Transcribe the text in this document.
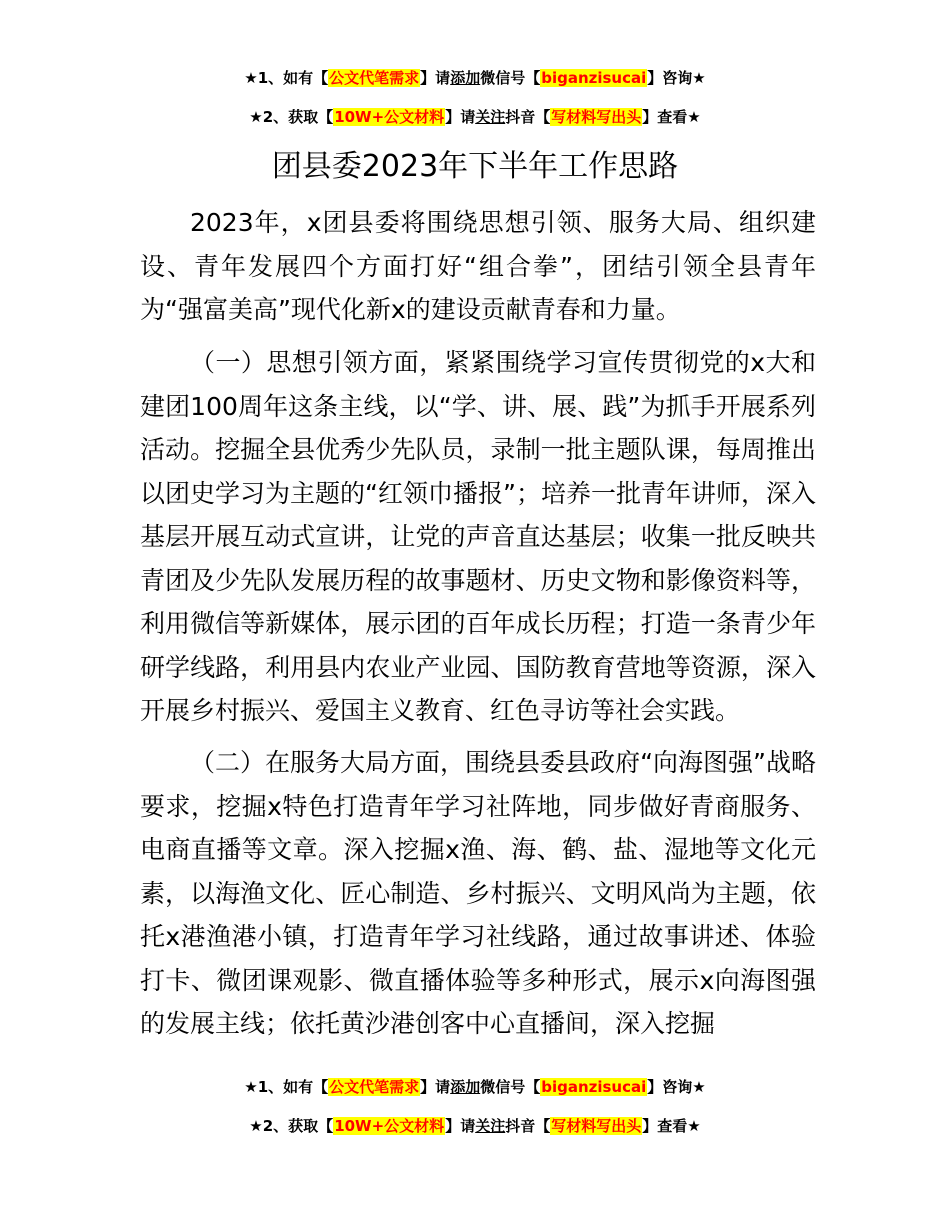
★1、如有【公文代笔需求】请添加微信号【biganzisucai】咨询★
★2、获取【10W+公文材料】请关注抖音【写材料写出头】查看★
团县委2023年下半年工作思路

2023年，x团县委将围绕思想引领、服务大局、组织建设、青年发展四个方面打好“组合拳”，团结引领全县青年为“强富美高”现代化新x的建设贡献青春和力量。

（一）思想引领方面，紧紧围绕学习宣传贯彻党的x大和建团100周年这条主线，以“学、讲、展、践”为抓手开展系列活动。挖掘全县优秀少先队员，录制一批主题队课，每周推出以团史学习为主题的“红领巾播报”；培养一批青年讲师，深入基层开展互动式宣讲，让党的声音直达基层；收集一批反映共青团及少先队发展历程的故事题材、历史文物和影像资料等，利用微信等新媒体，展示团的百年成长历程；打造一条青少年研学线路，利用县内农业产业园、国防教育营地等资源，深入开展乡村振兴、爱国主义教育、红色寻访等社会实践。

（二）在服务大局方面，围绕县委县政府“向海图强”战略要求，挖掘x特色打造青年学习社阵地，同步做好青商服务、电商直播等文章。深入挖掘x渔、海、鹤、盐、湿地等文化元素，以海渔文化、匠心制造、乡村振兴、文明风尚为主题，依托x港渔港小镇，打造青年学习社线路，通过故事讲述、体验打卡、微团课观影、微直播体验等多种形式，展示x向海图强的发展主线；依托黄沙港创客中心直播间，深入挖掘

★1、如有【公文代笔需求】请添加微信号【biganzisucai】咨询★
★2、获取【10W+公文材料】请关注抖音【写材料写出头】查看★
